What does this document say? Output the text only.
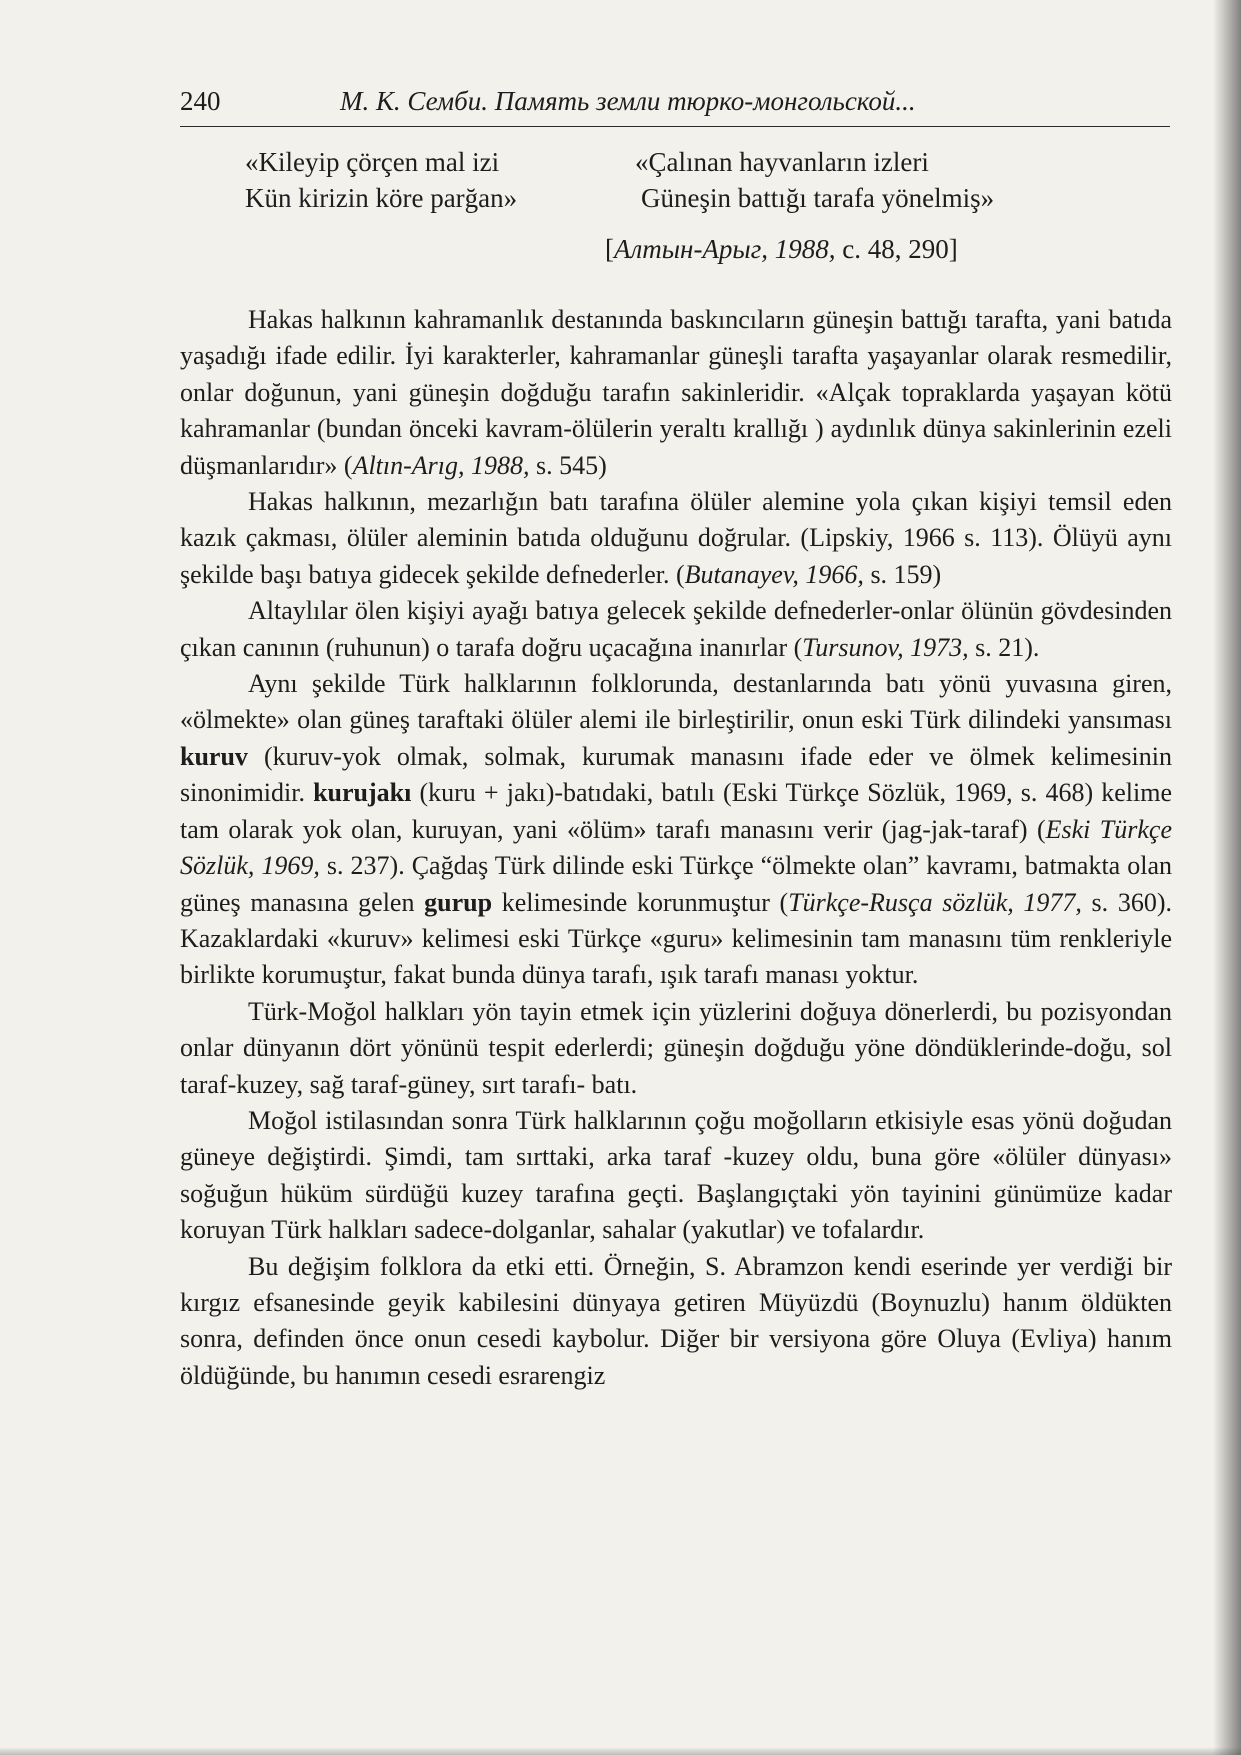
240	М. К. Сембu. Память земли тюрко-монгольской...
«Kileyip çörçen mal izi
Kün kirizin köre parğan»
«Çalınan hayvanların izleri
Güneşin battığı tarafa yönelmiş»
[Алтын-Арыг, 1988, c. 48, 290]

Hakas halkının kahramanlık destanında baskıncıların güneşin battığı tarafta, yani batıda yaşadığı ifade edilir. İyi karakterler, kahramanlar güneşli tarafta yaşayanlar olarak resmedilir, onlar doğunun, yani güneşin doğduğu tarafın sakinleridir. «Alçak topraklarda yaşayan kötü kahramanlar (bundan önceki kavram-ölülerin yeraltı krallığı ) aydınlık dünya sakinlerinin ezeli düşmanlarıdır» (Altın-Arıg, 1988, s. 545)

Hakas halkının, mezarlığın batı tarafına ölüler alemine yola çıkan kişiyi temsil eden kazık çakması, ölüler aleminin batıda olduğunu doğrular. (Lipskiy, 1966 s. 113). Ölüyü aynı şekilde başı batıya gidecek şekilde defnederler. (Butanayev, 1966, s. 159)

Altaylılar ölen kişiyi ayağı batıya gelecek şekilde defnederler-onlar ölünün gövdesinden çıkan canının (ruhunun) o tarafa doğru uçacağına inanırlar (Tursunov, 1973, s. 21).

Aynı şekilde Türk halklarının folklorunda, destanlarında batı yönü yuvasına giren, «ölmekte» olan güneş taraftaki ölüler alemi ile birleştirilir, onun eski Türk dilindeki yansıması kuruv (kuruv-yok olmak, solmak, kurumak manasını ifade eder ve ölmek kelimesinin sinonimidir. kurujakı (kuru + jakı)-batıdaki, batılı (Eski Türkçe Sözlük, 1969, s. 468) kelime tam olarak yok olan, kuruyan, yani «ölüm» tarafı manasını verir (jag-jak-taraf) (Eski Türkçe Sözlük, 1969, s. 237). Çağdaş Türk dilinde eski Türkçe “ölmekte olan” kavramı, batmakta olan güneş manasına gelen gurup kelimesinde korunmuştur (Türkçe-Rusça sözlük, 1977, s. 360). Kazaklardaki «kuruv» kelimesi eski Türkçe «guru» kelimesinin tam manasını tüm renkleriyle birlikte korumuştur, fakat bunda dünya tarafı, ışık tarafı manası yoktur.

Türk-Moğol halkları yön tayin etmek için yüzlerini doğuya dönerlerdi, bu pozisyondan onlar dünyanın dört yönünü tespit ederlerdi; güneşin doğduğu yöne döndüklerinde-doğu, sol taraf-kuzey, sağ taraf-güney, sırt tarafı- batı.

Moğol istilasından sonra Türk halklarının çoğu moğolların etkisiyle esas yönü doğudan güneye değiştirdi. Şimdi, tam sırttaki, arka taraf -kuzey oldu, buna göre «ölüler dünyası» soğuğun hüküm sürdüğü kuzey tarafına geçti. Başlangıçtaki yön tayinini günümüze kadar koruyan Türk halkları sadece-dolganlar, sahalar (yakutlar) ve tofalardır.

Bu değişim folklora da etki etti. Örneğin, S. Abramzon kendi eserinde yer verdiği bir kırgız efsanesinde geyik kabilesini dünyaya getiren Müyüzdü (Boynuzlu) hanım öldükten sonra, definden önce onun cesedi kaybolur. Diğer bir versiyona göre Oluya (Evliya) hanım öldüğünde, bu hanımın cesedi esrarengiz
